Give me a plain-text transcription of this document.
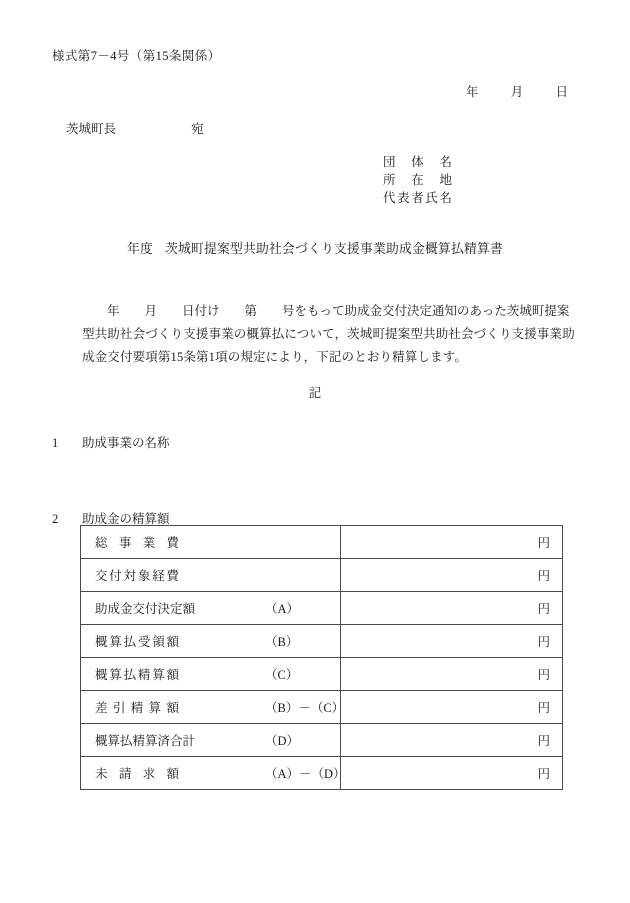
様式第7－4号（第15条関係）
年	月	日
茨城町長	宛
団体名
所在地
代表者氏名
年度 茨城町提案型共助社会づくり支援事業助成金概算払精算書
　　年　　月　　日付け　　第　　号をもって助成金交付決定通知のあった茨城町提案
型共助社会づくり支援事業の概算払について，茨城町提案型共助社会づくり支援事業助
成金交付要項第15条第1項の規定により，下記のとおり精算します。
記
1 助成事業の名称
2 助成金の精算額
総事業費	円

交付対象経費	円

助成金交付決定額 （A）	円

概算払受領額 （B）	円

概算払精算額 （C）	円

差引精算額 （B）－（C）	円

概算払精算済合計 （D）	円

未請求額 （A）－（D）	円
